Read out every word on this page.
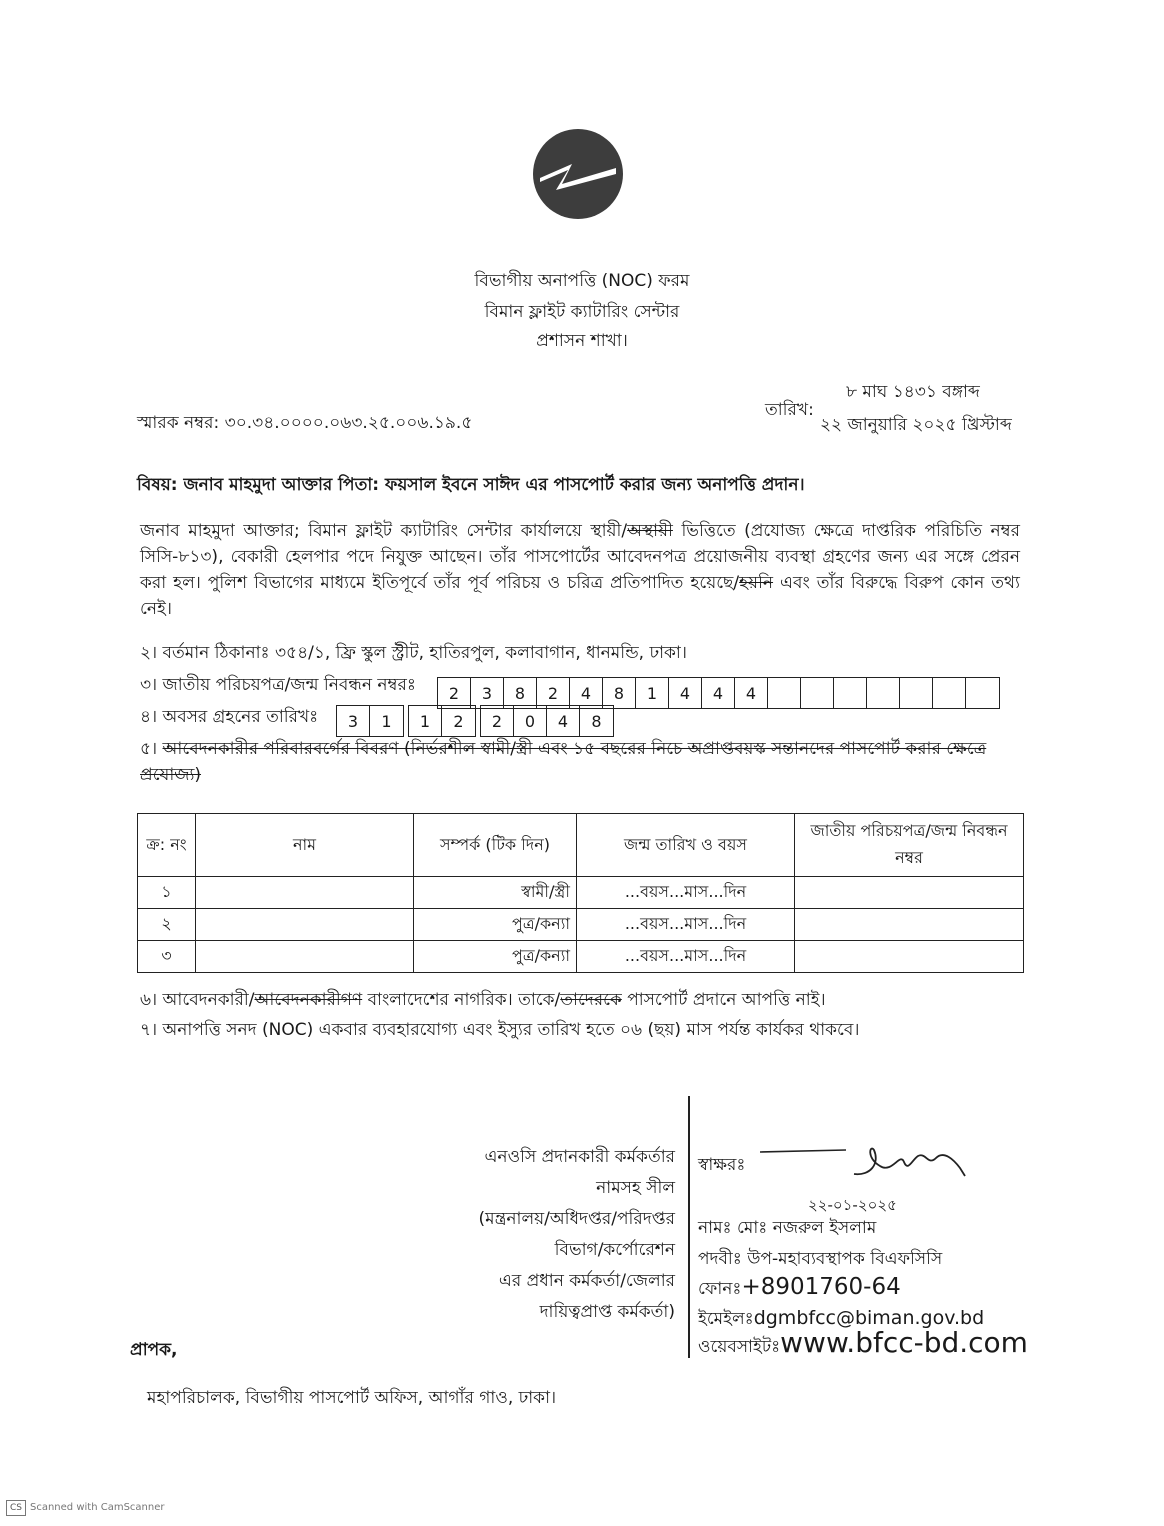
বিভাগীয় অনাপত্তি (NOC) ফরম
বিমান ফ্লাইট ক্যাটারিং সেন্টার
প্রশাসন শাখা।
৮ মাঘ ১৪৩১ বঙ্গাব্দ
তারিখ:
২২ জানুয়ারি ২০২৫ খ্রিস্টাব্দ
স্মারক নম্বর: ৩০.৩৪.০০০০.০৬৩.২৫.০০৬.১৯.৫
বিষয়: জনাব মাহমুদা আক্তার পিতা: ফয়সাল ইবনে সাঈদ এর পাসপোর্ট করার জন্য অনাপত্তি প্রদান।
জনাব মাহমুদা আক্তার; বিমান ফ্লাইট ক্যাটারিং সেন্টার কার্যালয়ে স্থায়ী/অস্থায়ী ভিত্তিতে (প্রযোজ্য ক্ষেত্রে দাপ্তরিক পরিচিতি নম্বর সিসি-৮১৩), বেকারী হেলপার পদে নিযুক্ত আছেন। তাঁর পাসপোর্টের আবেদনপত্র প্রয়োজনীয় ব্যবস্থা গ্রহণের জন্য এর সঙ্গে প্রেরন করা হল। পুলিশ বিভাগের মাধ্যমে ইতিপূর্বে তাঁর পূর্ব পরিচয় ও চরিত্র প্রতিপাদিত হয়েছে/হয়নি এবং তাঁর বিরুদ্ধে বিরুপ কোন তথ্য নেই।
২। বর্তমান ঠিকানাঃ ৩৫৪/১, ফ্রি স্কুল স্ট্রীট, হাতিরপুল, কলাবাগান, ধানমন্ডি, ঢাকা।
৩। জাতীয় পরিচয়পত্র/জন্ম নিবন্ধন নম্বরঃ	2	3	8	2	4	8	1	4	4	4
৪। অবসর গ্রহনের তারিখঃ	3	1	1	2	2	0	4	8
৫। আবেদনকারীর পরিবারবর্গের বিবরণ (নির্ভরশীল স্বামী/স্ত্রী এবং ১৫ বছরের নিচে অপ্রাপ্তবয়স্ক সন্তানদের পাসপোর্ট করার ক্ষেত্রে প্রযোজ্য)
ক্র: নং	নাম	সম্পর্ক (টিক দিন)	জন্ম তারিখ ও বয়স	জাতীয় পরিচয়পত্র/জন্ম নিবন্ধন নম্বর
১		স্বামী/স্ত্রী	...বয়স...মাস...দিন	
২		পুত্র/কন্যা	...বয়স...মাস...দিন	
৩		পুত্র/কন্যা	...বয়স...মাস...দিন	
৬। আবেদনকারী/আবেদনকারীগণ বাংলাদেশের নাগরিক। তাকে/তাদেরকে পাসপোর্ট প্রদানে আপত্তি নাই।
৭। অনাপত্তি সনদ (NOC) একবার ব্যবহারযোগ্য এবং ইস্যুর তারিখ হতে ০৬ (ছয়) মাস পর্যন্ত কার্যকর থাকবে।
এনওসি প্রদানকারী কর্মকর্তার
নামসহ সীল
(মন্ত্রনালয়/অধিদপ্তর/পরিদপ্তর
বিভাগ/কর্পোরেশন
এর প্রধান কর্মকর্তা/জেলার
দায়িত্বপ্রাপ্ত কর্মকর্তা)
স্বাক্ষরঃ
২২-০১-২০২৫
নামঃ মোঃ নজরুল ইসলাম
পদবীঃ উপ-মহাব্যবস্থাপক বিএফসিসি
ফোনঃ+8901760-64
ইমেইলঃdgmbfcc@biman.gov.bd
ওয়েবসাইটঃwww.bfcc-bd.com
প্রাপক,
মহাপরিচালক, বিভাগীয় পাসপোর্ট অফিস, আগাঁর গাও, ঢাকা।
CS Scanned with CamScanner
